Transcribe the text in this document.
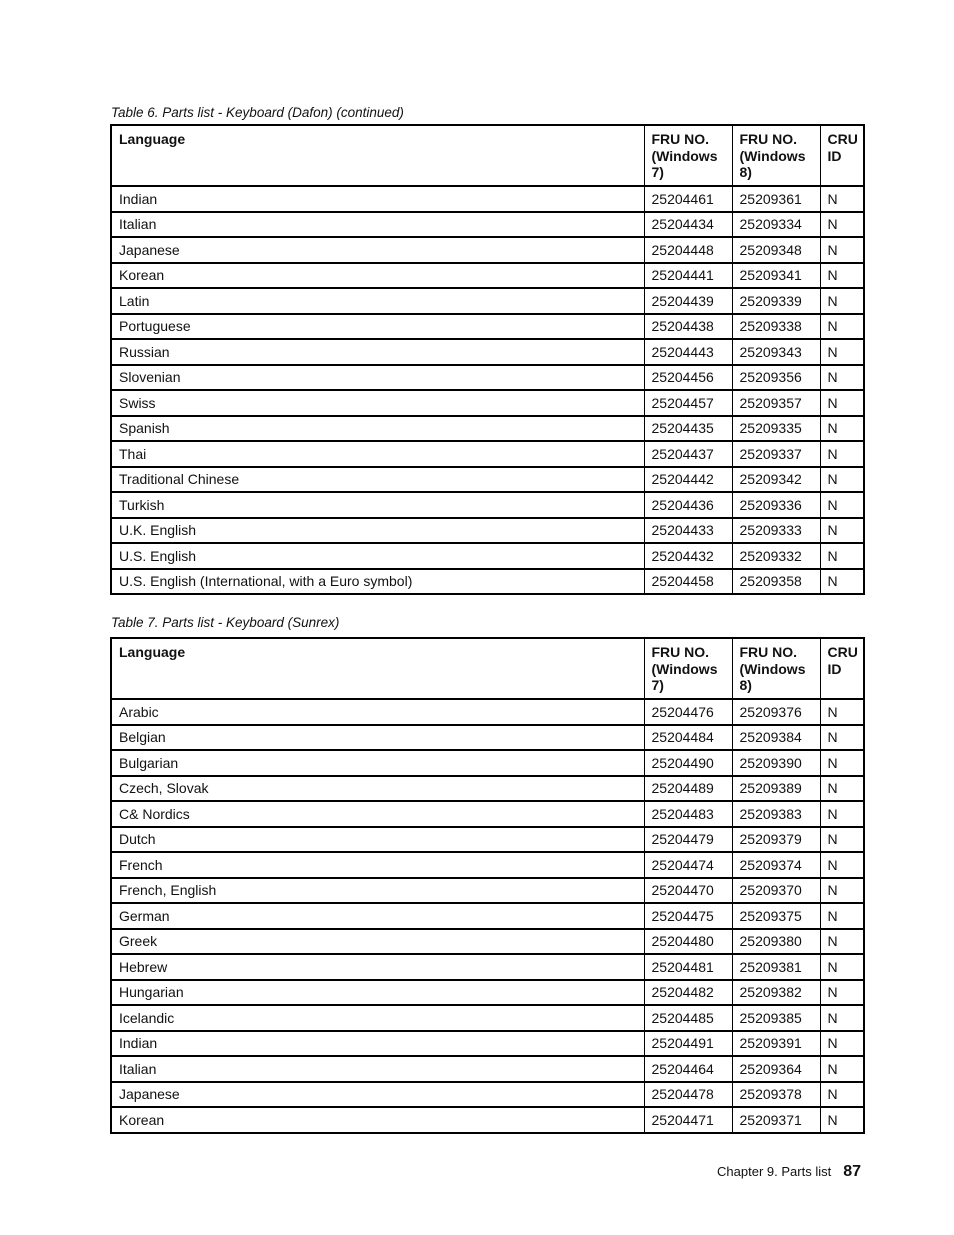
Table 6. Parts list - Keyboard (Dafon) (continued)
Language	FRU NO. (Windows 7)	FRU NO. (Windows 8)	CRU ID
Indian	25204461	25209361	N
Italian	25204434	25209334	N
Japanese	25204448	25209348	N
Korean	25204441	25209341	N
Latin	25204439	25209339	N
Portuguese	25204438	25209338	N
Russian	25204443	25209343	N
Slovenian	25204456	25209356	N
Swiss	25204457	25209357	N
Spanish	25204435	25209335	N
Thai	25204437	25209337	N
Traditional Chinese	25204442	25209342	N
Turkish	25204436	25209336	N
U.K. English	25204433	25209333	N
U.S. English	25204432	25209332	N
U.S. English (International, with a Euro symbol)	25204458	25209358	N
Table 7. Parts list - Keyboard (Sunrex)
Language	FRU NO. (Windows 7)	FRU NO. (Windows 8)	CRU ID
Arabic	25204476	25209376	N
Belgian	25204484	25209384	N
Bulgarian	25204490	25209390	N
Czech, Slovak	25204489	25209389	N
C& Nordics	25204483	25209383	N
Dutch	25204479	25209379	N
French	25204474	25209374	N
French, English	25204470	25209370	N
German	25204475	25209375	N
Greek	25204480	25209380	N
Hebrew	25204481	25209381	N
Hungarian	25204482	25209382	N
Icelandic	25204485	25209385	N
Indian	25204491	25209391	N
Italian	25204464	25209364	N
Japanese	25204478	25209378	N
Korean	25204471	25209371	N
Chapter 9. Parts list 87
